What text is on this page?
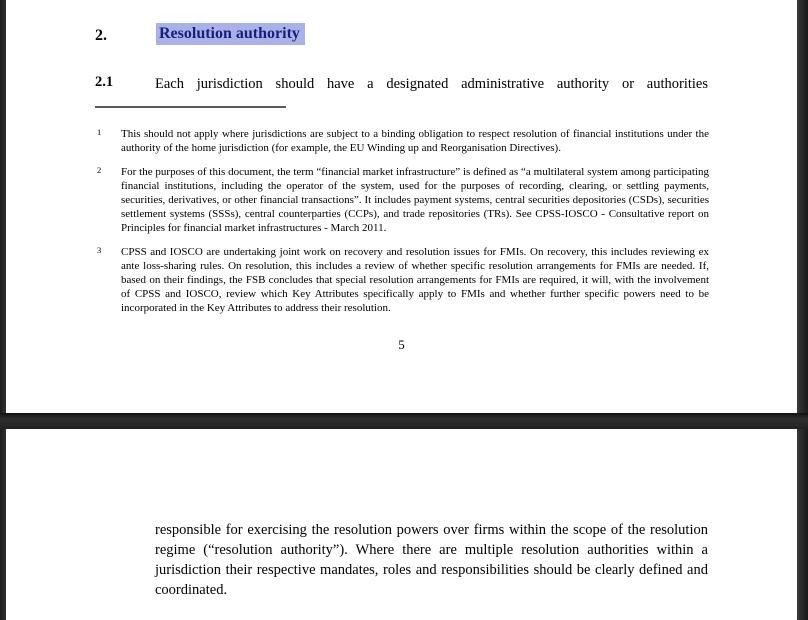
2.	Resolution authority
2.1	Each jurisdiction should have a designated administrative authority or authorities
1 This should not apply where jurisdictions are subject to a binding obligation to respect resolution of financial institutions under the authority of the home jurisdiction (for example, the EU Winding up and Reorganisation Directives).
2 For the purposes of this document, the term “financial market infrastructure” is defined as “a multilateral system among participating financial institutions, including the operator of the system, used for the purposes of recording, clearing, or settling payments, securities, derivatives, or other financial transactions”. It includes payment systems, central securities depositories (CSDs), securities settlement systems (SSSs), central counterparties (CCPs), and trade repositories (TRs). See CPSS-IOSCO - Consultative report on Principles for financial market infrastructures - March 2011.
3 CPSS and IOSCO are undertaking joint work on recovery and resolution issues for FMIs. On recovery, this includes reviewing ex ante loss-sharing rules. On resolution, this includes a review of whether specific resolution arrangements for FMIs are needed. If, based on their findings, the FSB concludes that special resolution arrangements for FMIs are required, it will, with the involvement of CPSS and IOSCO, review which Key Attributes specifically apply to FMIs and whether further specific powers need to be incorporated in the Key Attributes to address their resolution.
5
responsible for exercising the resolution powers over firms within the scope of the resolution regime (“resolution authority”). Where there are multiple resolution authorities within a jurisdiction their respective mandates, roles and responsibilities should be clearly defined and coordinated.
